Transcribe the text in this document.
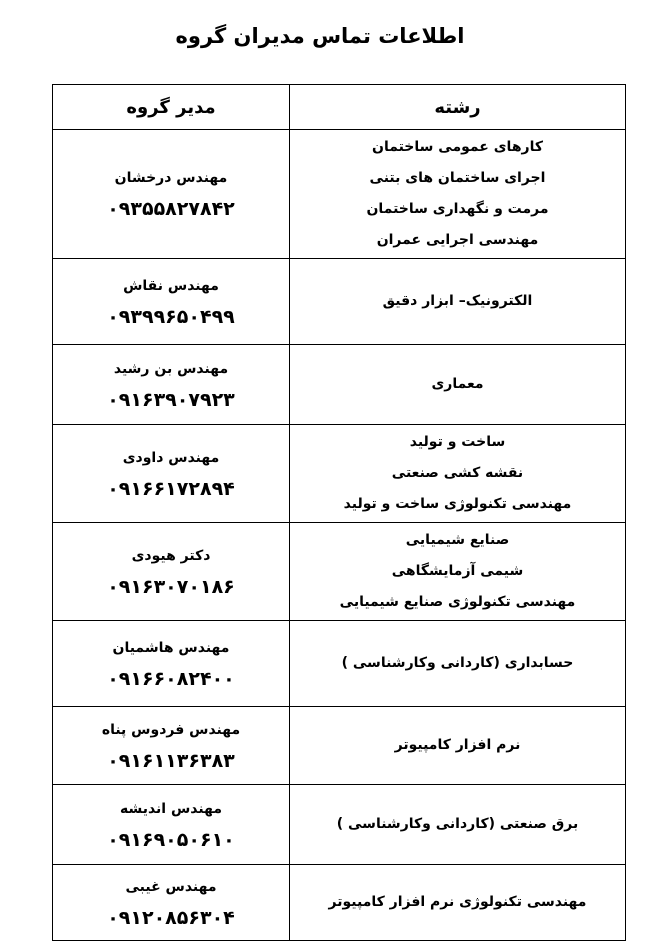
اطلاعات تماس مدیران گروه
رشته	مدیر گروه

کارهای عمومی ساختمان
اجرای ساختمان های بتنی
مرمت و نگهداری ساختمان
مهندسی اجرایی عمران	مهندس درخشان
۰۹۳۵۵۸۲۷۸۴۲

الکترونیک– ابزار دقیق	مهندس نقاش
۰۹۳۹۹۶۵۰۴۹۹

معماری	مهندس بن رشید
۰۹۱۶۳۹۰۷۹۲۳

ساخت و تولید
نقشه کشی صنعتی
مهندسی تکنولوژی ساخت و تولید	مهندس داودی
۰۹۱۶۶۱۷۲۸۹۴

صنایع شیمیایی
شیمی آزمایشگاهی
مهندسی تکنولوژی صنایع شیمیایی	دکتر هیودی
۰۹۱۶۳۰۷۰۱۸۶

حسابداری (کاردانی وکارشناسی )	مهندس هاشمیان
۰۹۱۶۶۰۸۲۴۰۰

نرم افزار کامپیوتر	مهندس فردوس پناه
۰۹۱۶۱۱۳۶۳۸۳

برق صنعتی (کاردانی وکارشناسی )	مهندس اندیشه
۰۹۱۶۹۰۵۰۶۱۰

مهندسی تکنولوژی نرم افزار کامپیوتر	مهندس غیبی
۰۹۱۲۰۸۵۶۳۰۴
